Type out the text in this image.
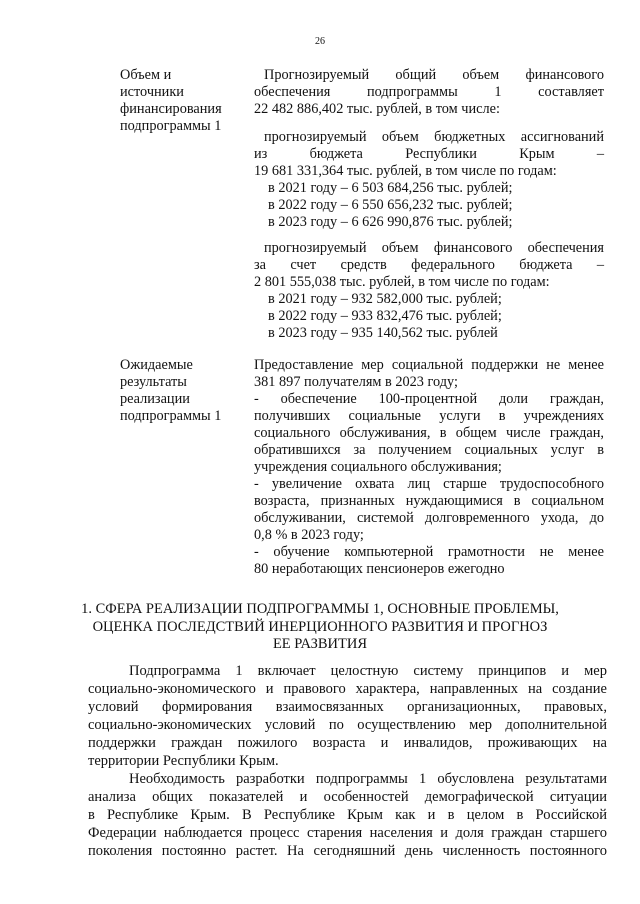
26
Объем и
источники
финансирования
подпрограммы 1
Прогнозируемый общий объем финансового
обеспечения подпрограммы 1 составляет
22 482 886,402 тыс. рублей, в том числе:
прогнозируемый объем бюджетных ассигнований
из бюджета Республики Крым –
19 681 331,364 тыс. рублей, в том числе по годам:
в 2021 году – 6 503 684,256 тыс. рублей;
в 2022 году – 6 550 656,232 тыс. рублей;
в 2023 году – 6 626 990,876 тыс. рублей;
прогнозируемый объем финансового обеспечения
за счет средств федерального бюджета –
2 801 555,038 тыс. рублей, в том числе по годам:
в 2021 году – 932 582,000 тыс. рублей;
в 2022 году – 933 832,476 тыс. рублей;
в 2023 году – 935 140,562 тыс. рублей
Ожидаемые
результаты
реализации
подпрограммы 1
Предоставление мер социальной поддержки не менее
381 897 получателям в 2023 году;
- обеспечение 100-процентной доли граждан,
получивших социальные услуги в учреждениях
социального обслуживания, в общем числе граждан,
обратившихся за получением социальных услуг в
учреждения социального обслуживания;
- увеличение охвата лиц старше трудоспособного
возраста, признанных нуждающимися в социальном
обслуживании, системой долговременного ухода, до
0,8 % в 2023 году;
- обучение компьютерной грамотности не менее
80 неработающих пенсионеров ежегодно
1. СФЕРА РЕАЛИЗАЦИИ ПОДПРОГРАММЫ 1, ОСНОВНЫЕ ПРОБЛЕМЫ,
ОЦЕНКА ПОСЛЕДСТВИЙ ИНЕРЦИОННОГО РАЗВИТИЯ И ПРОГНОЗ
ЕЕ РАЗВИТИЯ
Подпрограмма 1 включает целостную систему принципов и мер
социально-экономического и правового характера, направленных на создание
условий формирования взаимосвязанных организационных, правовых,
социально-экономических условий по осуществлению мер дополнительной
поддержки граждан пожилого возраста и инвалидов, проживающих на
территории Республики Крым.
Необходимость разработки подпрограммы 1 обусловлена результатами
анализа общих показателей и особенностей демографической ситуации
в Республике Крым. В Республике Крым как и в целом в Российской
Федерации наблюдается процесс старения населения и доля граждан старшего
поколения постоянно растет. На сегодняшний день численность постоянного
